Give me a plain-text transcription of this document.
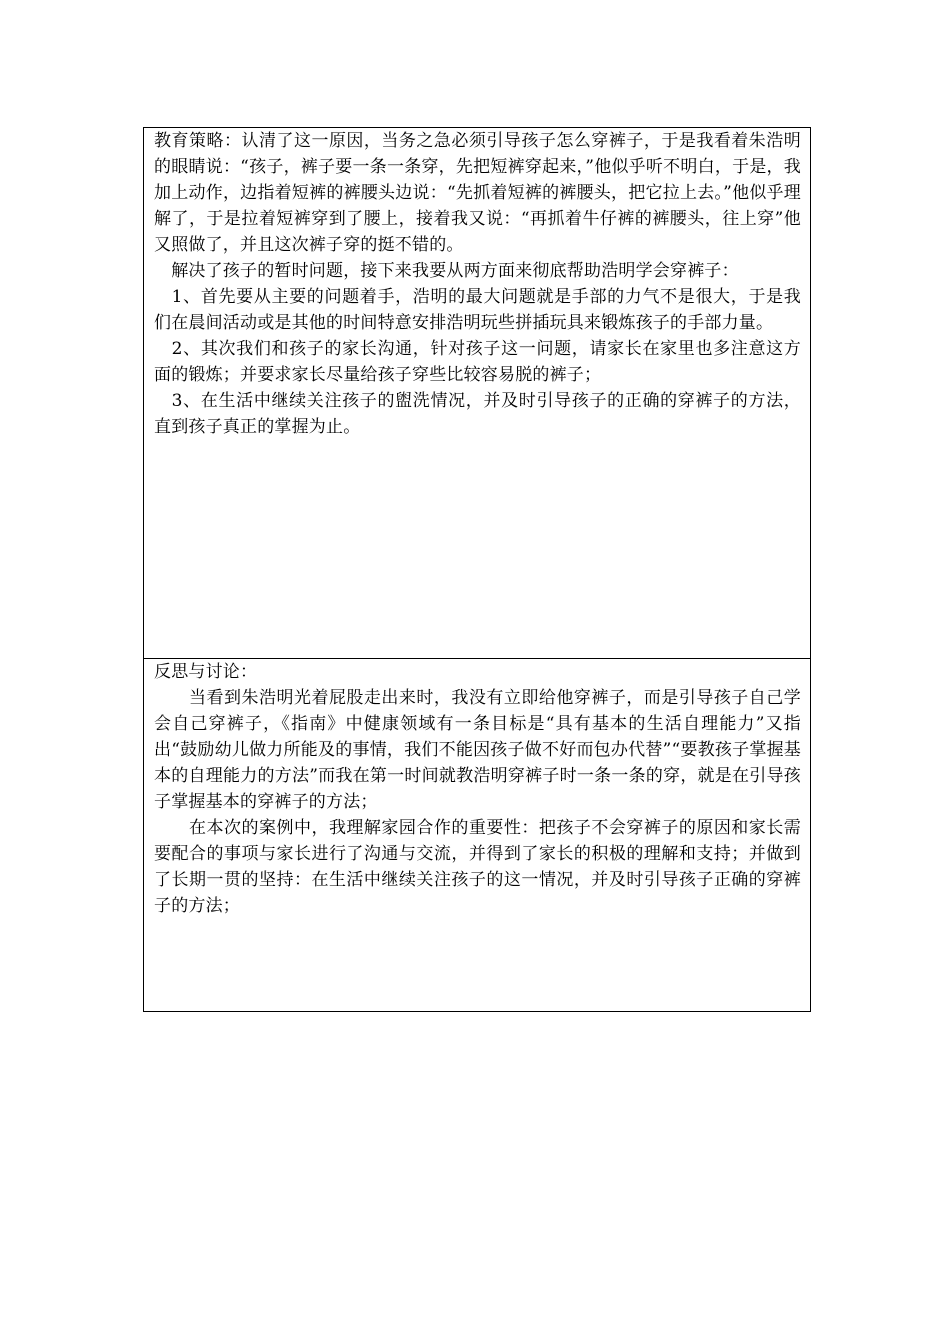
教育策略：认清了这一原因，当务之急必须引导孩子怎么穿裤子，于是我看着朱浩明的眼睛说：“孩子，裤子要一条一条穿，先把短裤穿起来，”他似乎听不明白，于是，我加上动作，边指着短裤的裤腰头边说：“先抓着短裤的裤腰头，把它拉上去。”他似乎理解了，于是拉着短裤穿到了腰上，接着我又说：“再抓着牛仔裤的裤腰头，往上穿”他又照做了，并且这次裤子穿的挺不错的。

　解决了孩子的暂时问题，接下来我要从两方面来彻底帮助浩明学会穿裤子：

　1、首先要从主要的问题着手，浩明的最大问题就是手部的力气不是很大，于是我们在晨间活动或是其他的时间特意安排浩明玩些拼插玩具来锻炼孩子的手部力量。

　2、其次我们和孩子的家长沟通，针对孩子这一问题，请家长在家里也多注意这方面的锻炼；并要求家长尽量给孩子穿些比较容易脱的裤子；

　3、在生活中继续关注孩子的盥洗情况，并及时引导孩子的正确的穿裤子的方法，直到孩子真正的掌握为止。

反思与讨论：

　　当看到朱浩明光着屁股走出来时，我没有立即给他穿裤子，而是引导孩子自己学会自己穿裤子，《指南》中健康领域有一条目标是“具有基本的生活自理能力”又指出“鼓励幼儿做力所能及的事情，我们不能因孩子做不好而包办代替”“要教孩子掌握基本的自理能力的方法”而我在第一时间就教浩明穿裤子时一条一条的穿，就是在引导孩子掌握基本的穿裤子的方法；

　　在本次的案例中，我理解家园合作的重要性：把孩子不会穿裤子的原因和家长需要配合的事项与家长进行了沟通与交流，并得到了家长的积极的理解和支持；并做到了长期一贯的坚持：在生活中继续关注孩子的这一情况，并及时引导孩子正确的穿裤子的方法；
